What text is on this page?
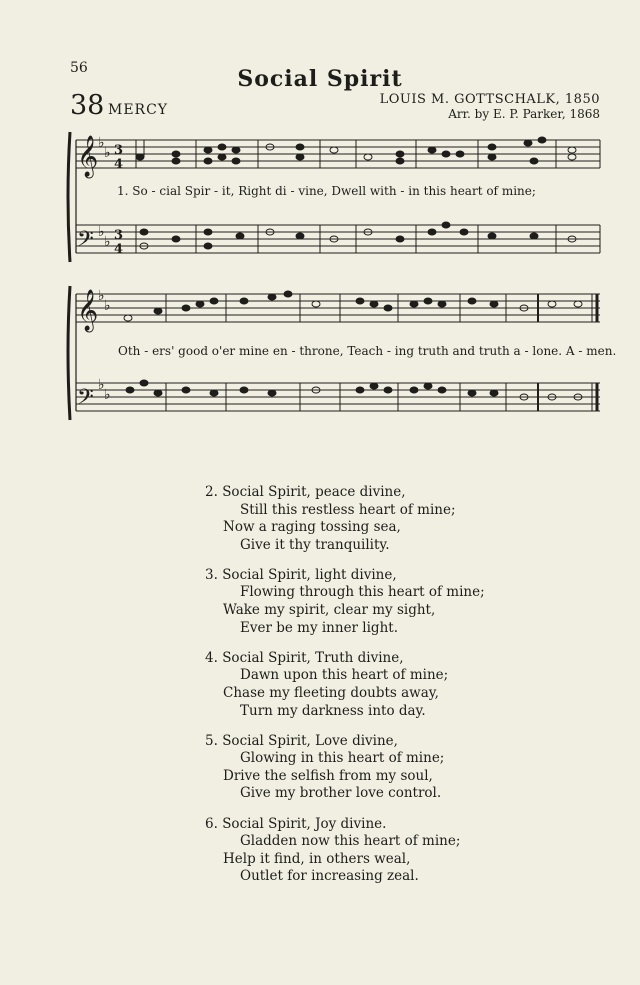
56	Social Spirit
38 MERCY
LOUIS M. GOTTSCHALK, 1850
Arr. by E. P. Parker, 1868
𝄞
𝄢
𝄞
𝄢
♭
♭
♭
♭
♭
♭
♭
♭
3
4
3
4
1. So - cial Spir - it, Right di - vine, Dwell with - in this heart of mine;
Oth - ers' good o'er mine en - throne, Teach - ing truth and truth a - lone. A - men.
2. Social Spirit, peace divine,
Still this restless heart of mine;
Now a raging tossing sea,
Give it thy tranquility.
3. Social Spirit, light divine,
Flowing through this heart of mine;
Wake my spirit, clear my sight,
Ever be my inner light.
4. Social Spirit, Truth divine,
Dawn upon this heart of mine;
Chase my fleeting doubts away,
Turn my darkness into day.
5. Social Spirit, Love divine,
Glowing in this heart of mine;
Drive the selfish from my soul,
Give my brother love control.
6. Social Spirit, Joy divine.
Gladden now this heart of mine;
Help it find, in others weal,
Outlet for increasing zeal.
